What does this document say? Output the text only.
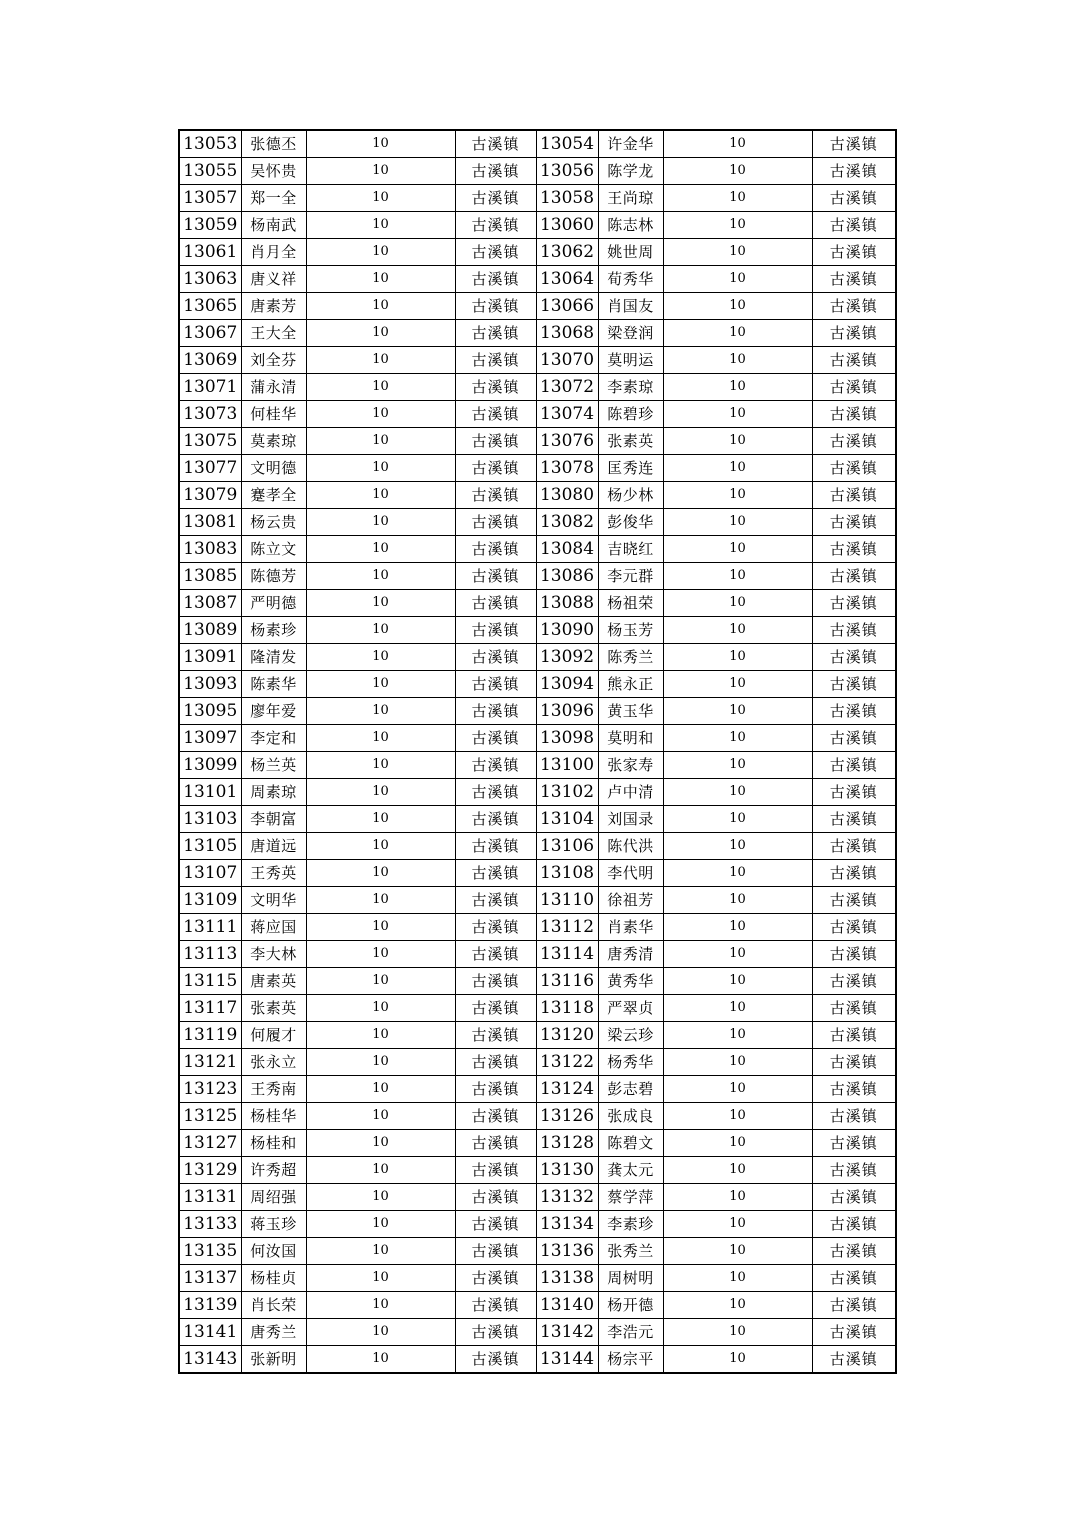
13053	张德丕	10	古溪镇	13054	许金华	10	古溪镇
13055	吴怀贵	10	古溪镇	13056	陈学龙	10	古溪镇
13057	郑一全	10	古溪镇	13058	王尚琼	10	古溪镇
13059	杨南武	10	古溪镇	13060	陈志林	10	古溪镇
13061	肖月全	10	古溪镇	13062	姚世周	10	古溪镇
13063	唐义祥	10	古溪镇	13064	荀秀华	10	古溪镇
13065	唐素芳	10	古溪镇	13066	肖国友	10	古溪镇
13067	王大全	10	古溪镇	13068	梁登润	10	古溪镇
13069	刘全芬	10	古溪镇	13070	莫明运	10	古溪镇
13071	蒲永清	10	古溪镇	13072	李素琼	10	古溪镇
13073	何桂华	10	古溪镇	13074	陈碧珍	10	古溪镇
13075	莫素琼	10	古溪镇	13076	张素英	10	古溪镇
13077	文明德	10	古溪镇	13078	匡秀连	10	古溪镇
13079	蹇孝全	10	古溪镇	13080	杨少林	10	古溪镇
13081	杨云贵	10	古溪镇	13082	彭俊华	10	古溪镇
13083	陈立文	10	古溪镇	13084	吉晓红	10	古溪镇
13085	陈德芳	10	古溪镇	13086	李元群	10	古溪镇
13087	严明德	10	古溪镇	13088	杨祖荣	10	古溪镇
13089	杨素珍	10	古溪镇	13090	杨玉芳	10	古溪镇
13091	隆清发	10	古溪镇	13092	陈秀兰	10	古溪镇
13093	陈素华	10	古溪镇	13094	熊永正	10	古溪镇
13095	廖年爱	10	古溪镇	13096	黄玉华	10	古溪镇
13097	李定和	10	古溪镇	13098	莫明和	10	古溪镇
13099	杨兰英	10	古溪镇	13100	张家寿	10	古溪镇
13101	周素琼	10	古溪镇	13102	卢中清	10	古溪镇
13103	李朝富	10	古溪镇	13104	刘国录	10	古溪镇
13105	唐道远	10	古溪镇	13106	陈代洪	10	古溪镇
13107	王秀英	10	古溪镇	13108	李代明	10	古溪镇
13109	文明华	10	古溪镇	13110	徐祖芳	10	古溪镇
13111	蒋应国	10	古溪镇	13112	肖素华	10	古溪镇
13113	李大林	10	古溪镇	13114	唐秀清	10	古溪镇
13115	唐素英	10	古溪镇	13116	黄秀华	10	古溪镇
13117	张素英	10	古溪镇	13118	严翠贞	10	古溪镇
13119	何履才	10	古溪镇	13120	梁云珍	10	古溪镇
13121	张永立	10	古溪镇	13122	杨秀华	10	古溪镇
13123	王秀南	10	古溪镇	13124	彭志碧	10	古溪镇
13125	杨桂华	10	古溪镇	13126	张成良	10	古溪镇
13127	杨桂和	10	古溪镇	13128	陈碧文	10	古溪镇
13129	许秀超	10	古溪镇	13130	龚太元	10	古溪镇
13131	周绍强	10	古溪镇	13132	蔡学萍	10	古溪镇
13133	蒋玉珍	10	古溪镇	13134	李素珍	10	古溪镇
13135	何汝国	10	古溪镇	13136	张秀兰	10	古溪镇
13137	杨桂贞	10	古溪镇	13138	周树明	10	古溪镇
13139	肖长荣	10	古溪镇	13140	杨开德	10	古溪镇
13141	唐秀兰	10	古溪镇	13142	李浩元	10	古溪镇
13143	张新明	10	古溪镇	13144	杨宗平	10	古溪镇
